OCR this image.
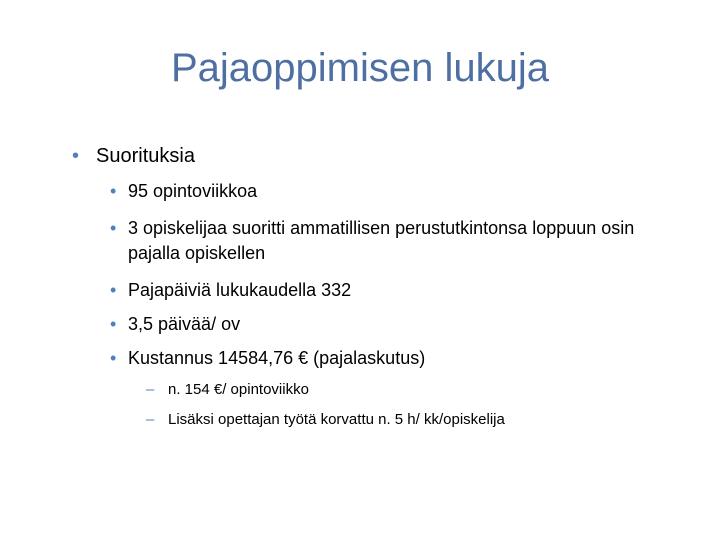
Pajaoppimisen lukuja
• Suorituksia
• 95 opintoviikkoa
• 3 opiskelijaa suoritti ammatillisen perustutkintonsa loppuun osin pajalla opiskellen
• Pajapäiviä lukukaudella 332
• 3,5 päivää/ ov
• Kustannus 14584,76 € (pajalaskutus)
– n. 154 €/ opintoviikko
– Lisäksi opettajan työtä korvattu n. 5 h/ kk/opiskelija
